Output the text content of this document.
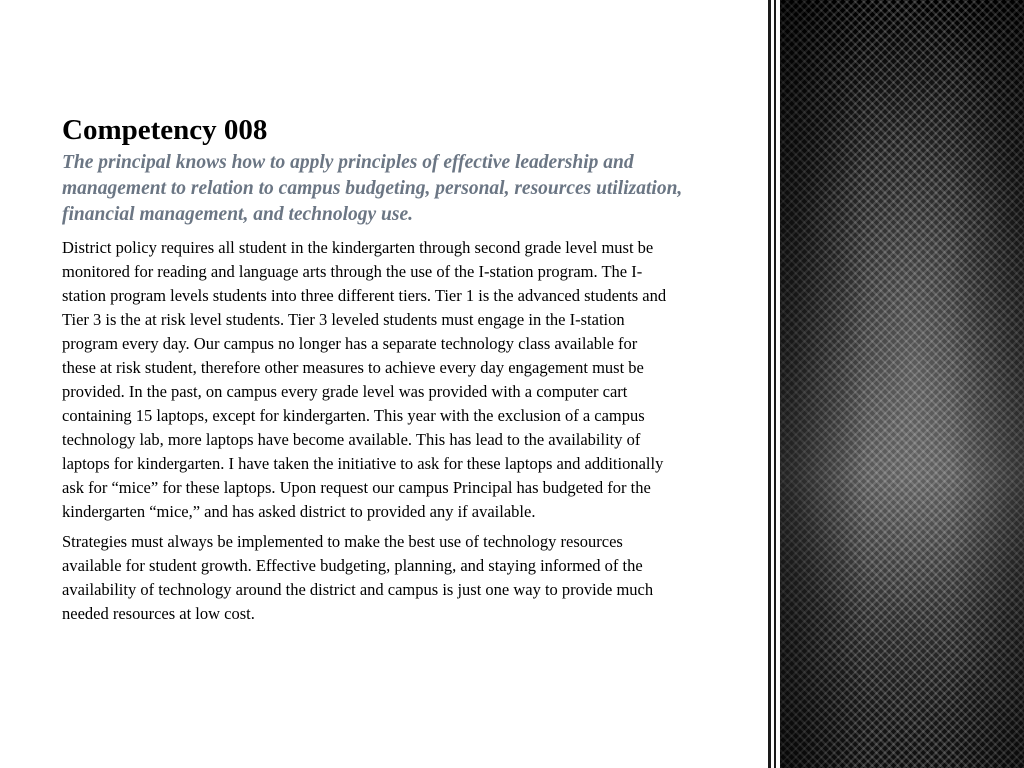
Competency 008
The principal knows how to apply principles of effective leadership and management to relation to campus budgeting, personal, resources utilization, financial management, and technology use.

District policy requires all student in the kindergarten through second grade level must be monitored for reading and language arts through the use of the I-station program. The I-station program levels students into three different tiers. Tier 1 is the advanced students and Tier 3 is the at risk level students. Tier 3 leveled students must engage in the I-station program every day. Our campus no longer has a separate technology class available for these at risk student, therefore other measures to achieve every day engagement must be provided. In the past, on campus every grade level was provided with a computer cart containing 15 laptops, except for kindergarten. This year with the exclusion of a campus technology lab, more laptops have become available. This has lead to the availability of laptops for kindergarten. I have taken the initiative to ask for these laptops and additionally ask for “mice” for these laptops. Upon request our campus Principal has budgeted for the kindergarten “mice,” and has asked district to provided any if available.

Strategies must always be implemented to make the best use of technology resources available for student growth. Effective budgeting, planning, and staying informed of the availability of technology around the district and campus is just one way to provide much needed resources at low cost.
